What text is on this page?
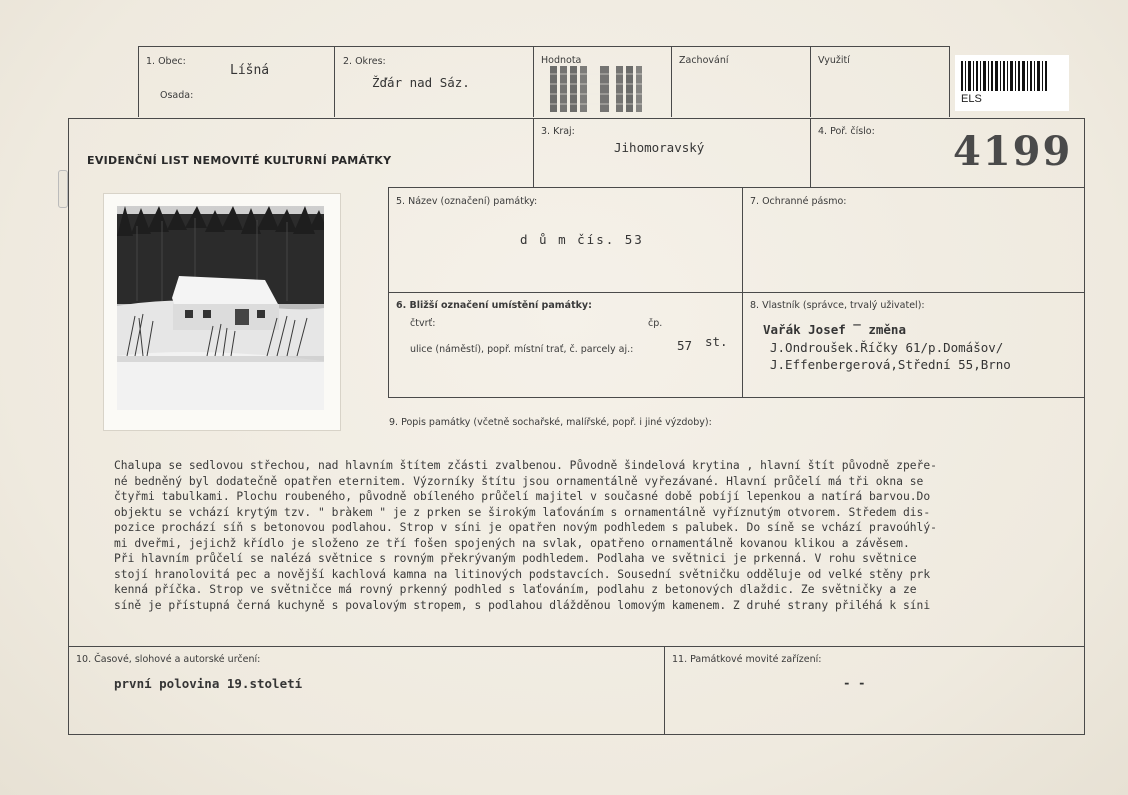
1. Obec:
Líšná
Osada:
2. Okres:
Žďár nad Sáz.
Hodnota	Zachování	Využití
ELS
EVIDENČNÍ LIST NEMOVITÉ KULTURNÍ PAMÁTKY
3. Kraj:
Jihomoravský
4. Poř. číslo: 4199
5. Název (označení) památky:
d ů m čís. 53
7. Ochranné pásmo:
6. Bližší označení umístění památky:
čtvrť:	čp.
ulice (náměstí), popř. místní trať, č. parcely aj.:	57 st.
8. Vlastník (správce, trvalý uživatel):
Vařák Josef ‾ změna
J.Ondroušek.Říčky 61/p.Domášov/
J.Effenbergerová,Střední 55,Brno
9. Popis památky (včetně sochařské, malířské, popř. i jiné výzdoby):
Chalupa se sedlovou střechou, nad hlavním štítem zčásti zvalbenou. Původně šindelová krytina , hlavní štít původně zpeře-
né bedněný byl dodatečně opatřen eternitem. Výzorníky štítu jsou ornamentálně vyřezávané. Hlavní průčelí má tři okna se
čtyřmi tabulkami. Plochu roubeného, původně obíleného průčelí majitel v současné době pobíjí lepenkou a natírá barvou.Do
objektu se vchází krytým tzv. " bràkem " je z prken se širokým laťováním s ornamentálně vyříznutým otvorem. Středem dis-
pozice prochází síň s betonovou podlahou. Strop v síni je opatřen novým podhledem s palubek. Do síně se vchází pravoúhlý-
mi dveřmi, jejichž křídlo je složeno ze tří fošen spojených na svlak, opatřeno ornamentálně kovanou klikou a závěsem.
Při hlavním průčelí se nalézá světnice s rovným překrývaným podhledem. Podlaha ve světnici je prkenná. V rohu světnice
stojí hranolovitá pec a novější kachlová kamna na litinových podstavcích. Sousední světničku odděluje od velké stěny prk
kenná příčka. Strop ve světničce má rovný prkenný podhled s laťováním, podlahu z betonových dlaždic. Ze světničky a ze
síně je přístupná černá kuchyně s povalovým stropem, s podlahou dlážděnou lomovým kamenem. Z druhé strany přiléhá k síni
10. Časové, slohové a autorské určení:
první polovina 19.století
11. Památkové movité zařízení:
- -
